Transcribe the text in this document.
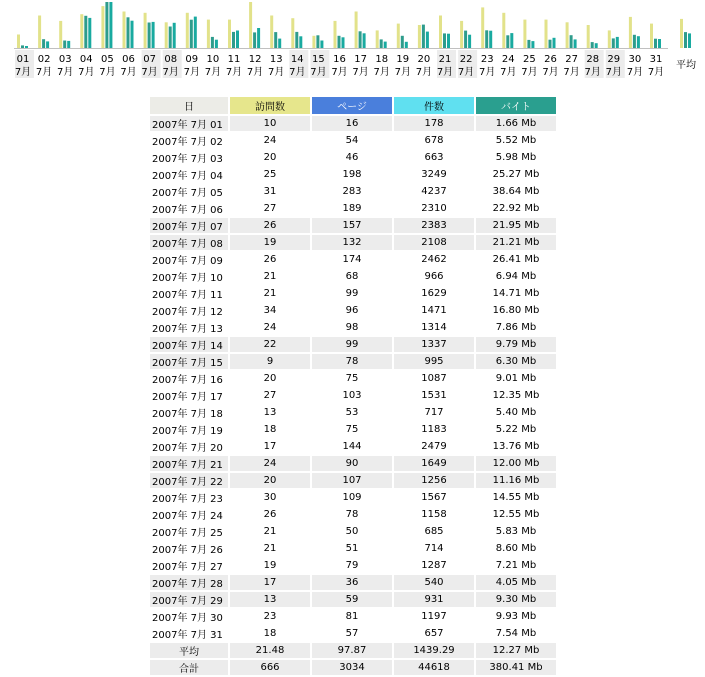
01
7月
02
7月
03
7月
04
7月
05
7月
06
7月
07
7月
08
7月
09
7月
10
7月
11
7月
12
7月
13
7月
14
7月
15
7月
16
7月
17
7月
18
7月
19
7月
20
7月
21
7月
22
7月
23
7月
24
7月
25
7月
26
7月
27
7月
28
7月
29
7月
30
7月
31
7月
平均
日	訪問数	ページ	件数	バイト
2007年 7月 01	10	16	178	1.66 Mb
2007年 7月 02	24	54	678	5.52 Mb
2007年 7月 03	20	46	663	5.98 Mb
2007年 7月 04	25	198	3249	25.27 Mb
2007年 7月 05	31	283	4237	38.64 Mb
2007年 7月 06	27	189	2310	22.92 Mb
2007年 7月 07	26	157	2383	21.95 Mb
2007年 7月 08	19	132	2108	21.21 Mb
2007年 7月 09	26	174	2462	26.41 Mb
2007年 7月 10	21	68	966	6.94 Mb
2007年 7月 11	21	99	1629	14.71 Mb
2007年 7月 12	34	96	1471	16.80 Mb
2007年 7月 13	24	98	1314	7.86 Mb
2007年 7月 14	22	99	1337	9.79 Mb
2007年 7月 15	9	78	995	6.30 Mb
2007年 7月 16	20	75	1087	9.01 Mb
2007年 7月 17	27	103	1531	12.35 Mb
2007年 7月 18	13	53	717	5.40 Mb
2007年 7月 19	18	75	1183	5.22 Mb
2007年 7月 20	17	144	2479	13.76 Mb
2007年 7月 21	24	90	1649	12.00 Mb
2007年 7月 22	20	107	1256	11.16 Mb
2007年 7月 23	30	109	1567	14.55 Mb
2007年 7月 24	26	78	1158	12.55 Mb
2007年 7月 25	21	50	685	5.83 Mb
2007年 7月 26	21	51	714	8.60 Mb
2007年 7月 27	19	79	1287	7.21 Mb
2007年 7月 28	17	36	540	4.05 Mb
2007年 7月 29	13	59	931	9.30 Mb
2007年 7月 30	23	81	1197	9.93 Mb
2007年 7月 31	18	57	657	7.54 Mb
平均	21.48	97.87	1439.29	12.27 Mb
合計	666	3034	44618	380.41 Mb
